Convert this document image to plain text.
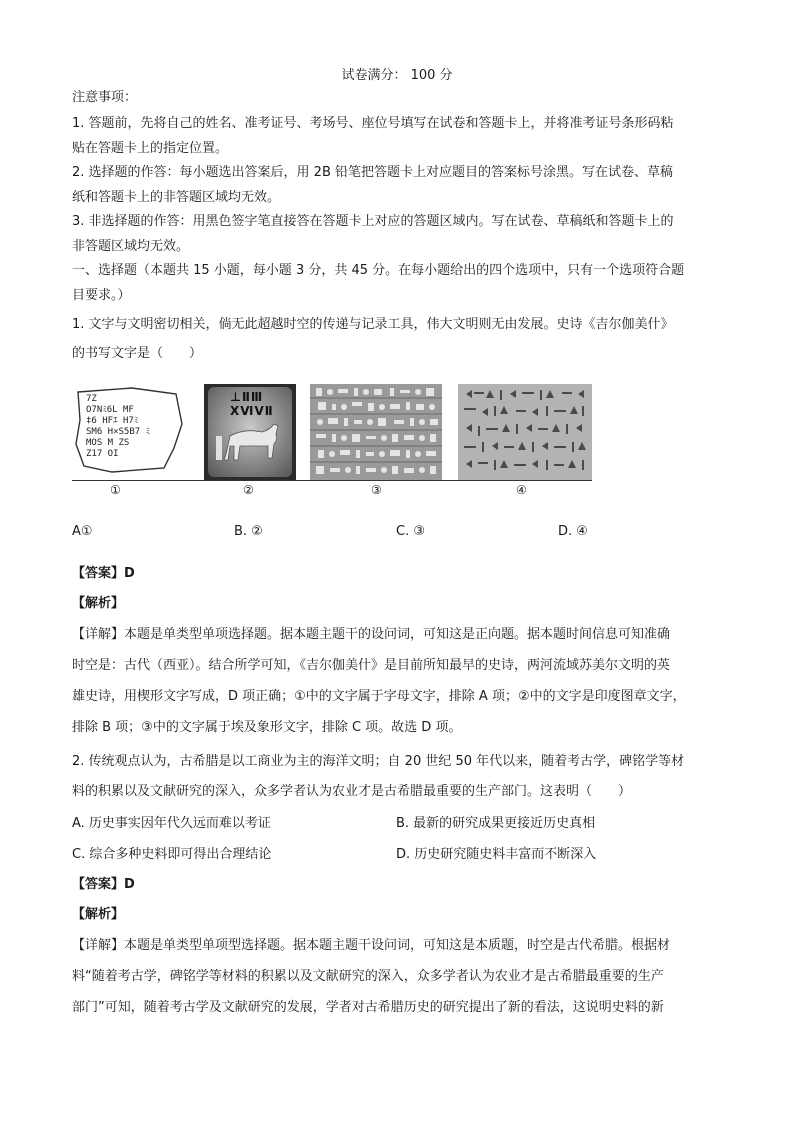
试卷满分： 100 分
注意事项：
1. 答题前，先将自己的姓名、准考证号、考场号、座位号填写在试卷和答题卡上，并将准考证号条形码粘
贴在答题卡上的指定位置。
2. 选择题的作答：每小题选出答案后，用 2B 铅笔把答题卡上对应题目的答案标号涂黑。写在试卷、草稿
纸和答题卡上的非答题区域均无效。
3. 非选择题的作答：用黑色签字笔直接答在答题卡上对应的答题区域内。写在试卷、草稿纸和答题卡上的
非答题区域均无效。
一、选择题（本题共 15 小题，每小题 3 分，共 45 分。在每小题给出的四个选项中，只有一个选项符合题
目要求。）
1. 文字与文明密切相关，倘无此超越时空的传递与记录工具，伟大文明则无由发展。史诗《吉尔伽美什》
的书写文字是（　　）
7Z
O7Nﾐ6L MF
‡6 HFｴ H7ﾐ
SM6 H×S5B7 ﾐ
MOS M ZS
Z17 OI
⊥ⅡⅢ ⅩⅥⅤⅡ
①	②	③	④
A①	B. ②	C. ③	D. ④
【答案】D
【解析】
【详解】本题是单类型单项选择题。据本题主题干的设问词，可知这是正向题。据本题时间信息可知准确
时空是：古代（西亚）。结合所学可知，《吉尔伽美什》是目前所知最早的史诗，两河流域苏美尔文明的英
雄史诗，用楔形文字写成，D 项正确；①中的文字属于字母文字，排除 A 项；②中的文字是印度图章文字，
排除 B 项；③中的文字属于埃及象形文字，排除 C 项。故选 D 项。
2. 传统观点认为，古希腊是以工商业为主的海洋文明；自 20 世纪 50 年代以来，随着考古学，碑铭学等材
料的积累以及文献研究的深入，众多学者认为农业才是古希腊最重要的生产部门。这表明（　　）
A. 历史事实因年代久远而难以考证	B. 最新的研究成果更接近历史真相
C. 综合多种史料即可得出合理结论	D. 历史研究随史料丰富而不断深入
【答案】D
【解析】
【详解】本题是单类型单项型选择题。据本题主题干设问词，可知这是本质题，时空是古代希腊。根据材
料“随着考古学，碑铭学等材料的积累以及文献研究的深入，众多学者认为农业才是古希腊最重要的生产
部门”可知，随着考古学及文献研究的发展，学者对古希腊历史的研究提出了新的看法，这说明史料的新
